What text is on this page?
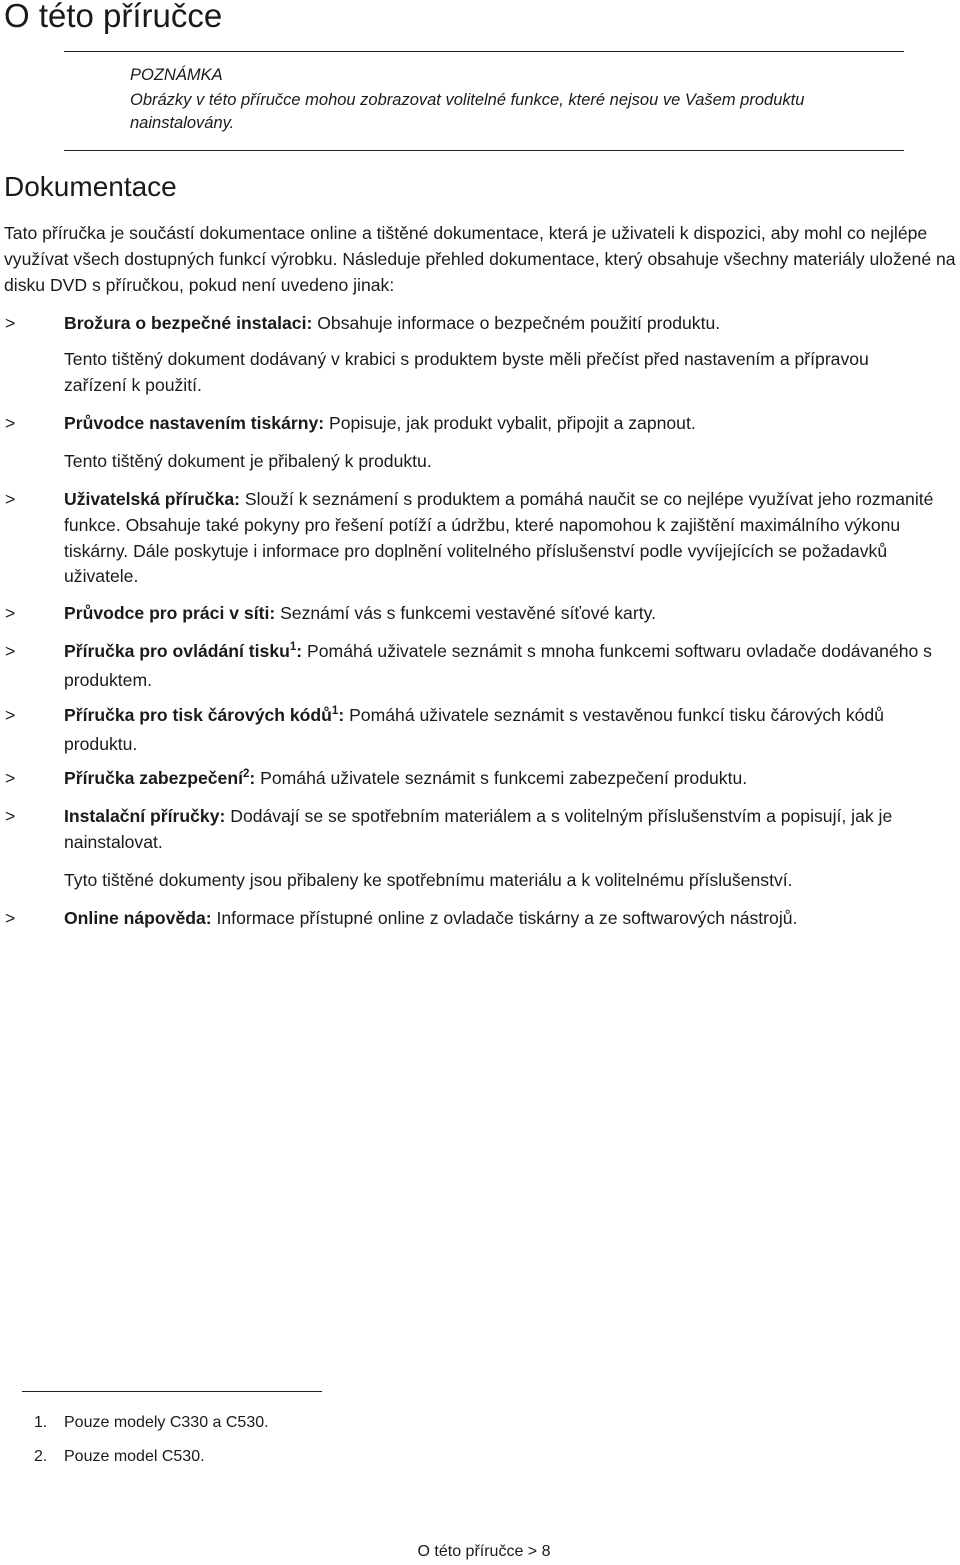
O této příručce
POZNÁMKA
Obrázky v této příručce mohou zobrazovat volitelné funkce, které nejsou ve Vašem produktu nainstalovány.
Dokumentace
Tato příručka je součástí dokumentace online a tištěné dokumentace, která je uživateli k dispozici, aby mohl co nejlépe využívat všech dostupných funkcí výrobku. Následuje přehled dokumentace, který obsahuje všechny materiály uložené na disku DVD s příručkou, pokud není uvedeno jinak:
>	Brožura o bezpečné instalaci: Obsahuje informace o bezpečném použití produktu.
Tento tištěný dokument dodávaný v krabici s produktem byste měli přečíst před nastavením a přípravou zařízení k použití.
>	Průvodce nastavením tiskárny: Popisuje, jak produkt vybalit, připojit a zapnout.
Tento tištěný dokument je přibalený k produktu.
>	Uživatelská příručka: Slouží k seznámení s produktem a pomáhá naučit se co nejlépe využívat jeho rozmanité funkce. Obsahuje také pokyny pro řešení potíží a údržbu, které napomohou k zajištění maximálního výkonu tiskárny. Dále poskytuje i informace pro doplnění volitelného příslušenství podle vyvíjejících se požadavků uživatele.
>	Průvodce pro práci v síti: Seznámí vás s funkcemi vestavěné síťové karty.
>	Příručka pro ovládání tisku$^1$: Pomáhá uživatele seznámit s mnoha funkcemi softwaru ovladače dodávaného s produktem.
>	Příručka pro tisk čárových kódů$^1$: Pomáhá uživatele seznámit s vestavěnou funkcí tisku čárových kódů produktu.
>	Příručka zabezpečení$^2$: Pomáhá uživatele seznámit s funkcemi zabezpečení produktu.
>	Instalační příručky: Dodávají se se spotřebním materiálem a s volitelným příslušenstvím a popisují, jak je nainstalovat.
Tyto tištěné dokumenty jsou přibaleny ke spotřebnímu materiálu a k volitelnému příslušenství.
>	Online nápověda: Informace přístupné online z ovladače tiskárny a ze softwarových nástrojů.
1. Pouze modely C330 a C530.
2. Pouze model C530.
O této příručce > 8
